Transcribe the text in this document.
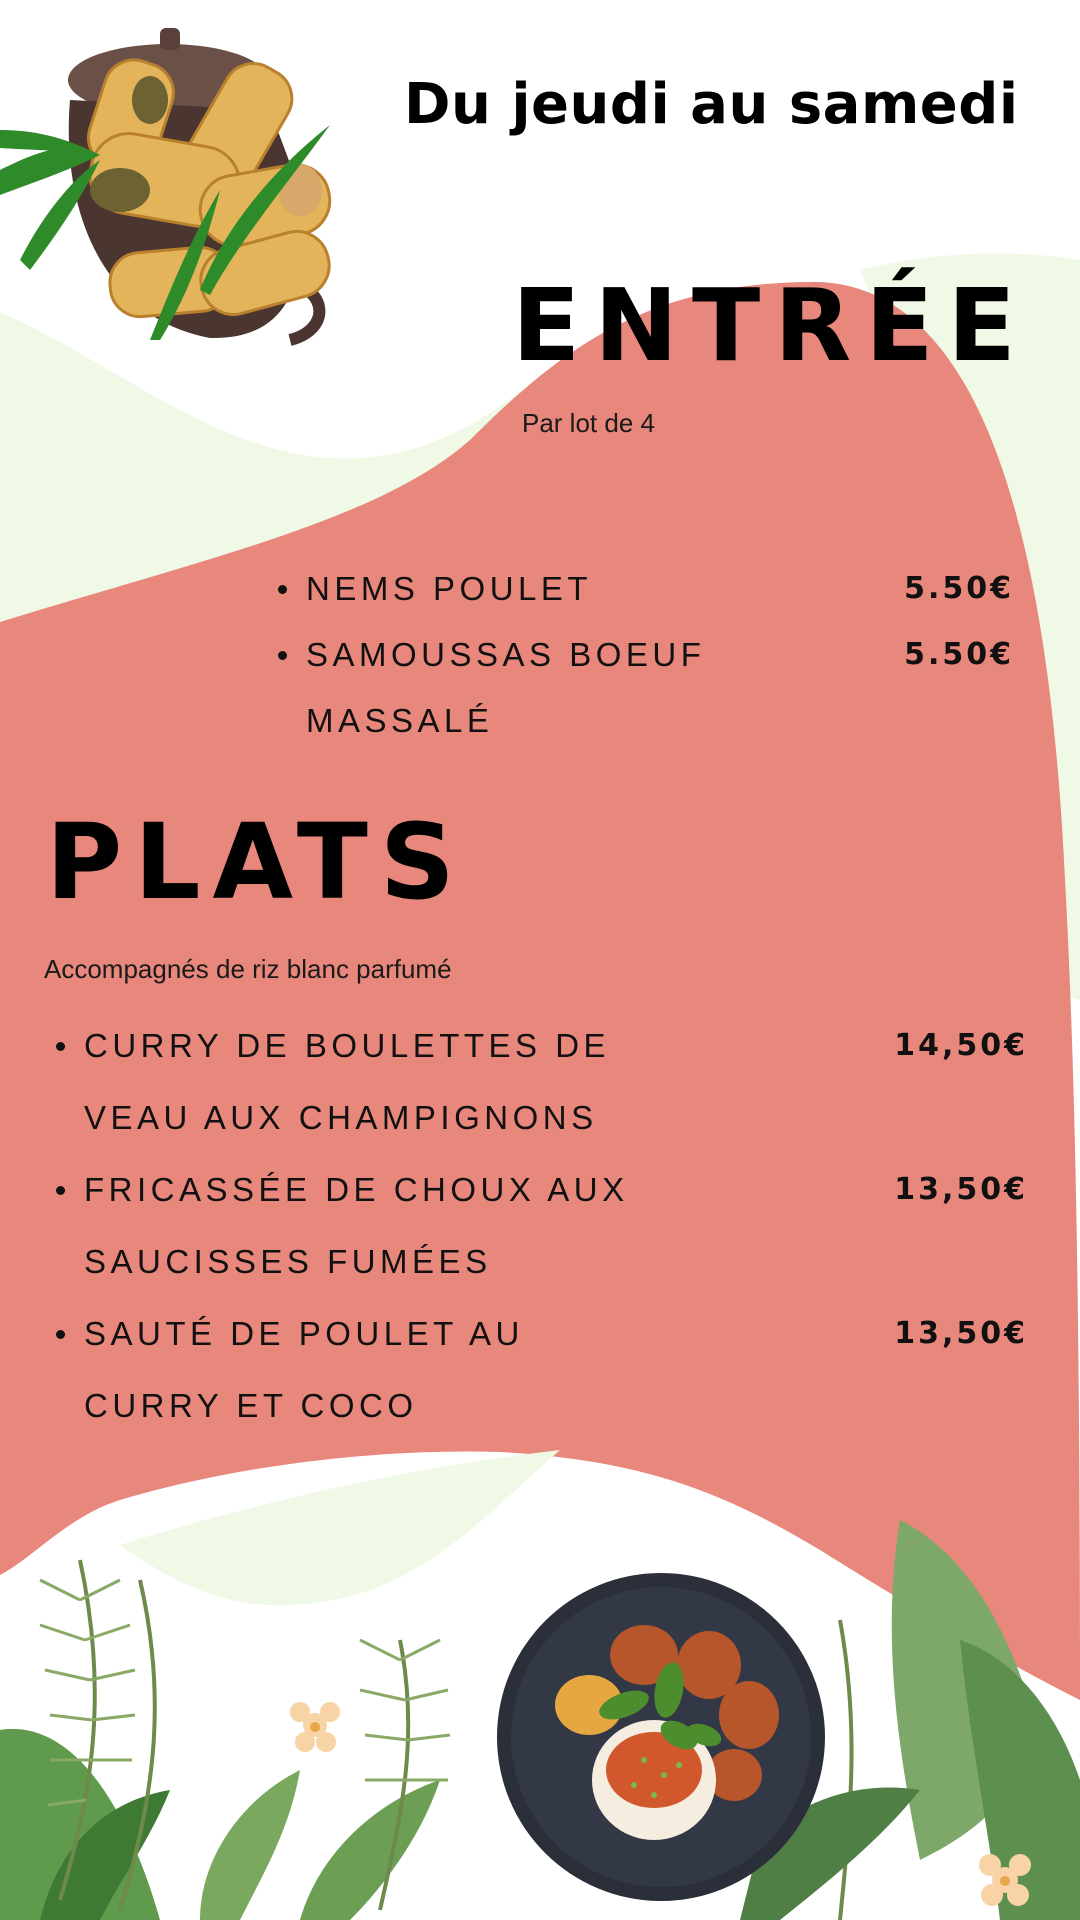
Du jeudi au samedi
ENTRÉE
Par lot de 4
NEMS POULET	5.50€
SAMOUSSAS BOEUF MASSALÉ
5.50€
PLATS
Accompagnés de riz blanc parfumé
CURRY DE BOULETTES DE VEAU AUX CHAMPIGNONS
14,50€
FRICASSÉE DE CHOUX AUX SAUCISSES FUMÉES
13,50€
SAUTÉ DE POULET AU CURRY ET COCO
13,50€
